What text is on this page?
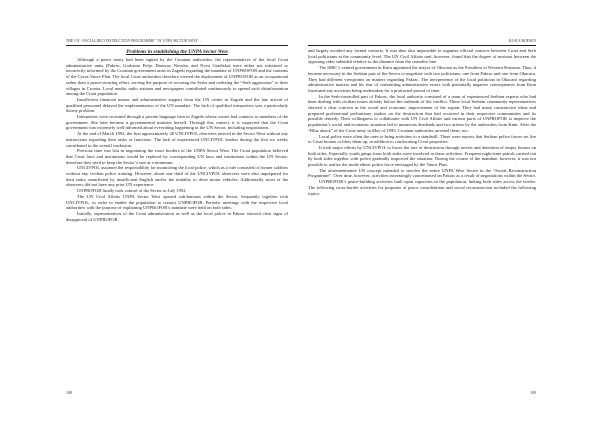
THE UN “SOCIAL RECONSTRUCTION PROGRAMME” IN UNPA SECTOR WEST …
Problems in establishing the UNPA Sector West

Although a peace treaty had been signed by the Croatian authorities, the representatives of the local Croat administrative units (Pakrac, Grubisno Polje, Daruvar, Novska, and Nova Gradiska) were either not informed or incorrectly informed by the Croatian government units in Zagreb regarding the mandate of UNPROFOR and the contents of the Cyrus Vance Plan. The local Croat authorities therefore viewed the deployment of UNPROFOR as an occupational rather than a peace-securing effort, serving the purpose of securing the Serbs and realizing the “Serb aggression” to their villages in Croatia. Local media, radio stations and newspapers contributed continuously to spread such disinformation among the Croat population.

Insufficient financial means and administrative support from the UN centre in Zagreb and the late arrival of qualified personnel delayed the implementation of the UN mandate. The lack of qualified interpreters was a particularly thorny problem.

Interpreters were recruited through a private language firm in Zagreb whose owner had contacts to members of the government. She later became a governmental minister herself. Through this contact, it is suspected that the Croat government was extremely well informed about everything happening in the UN Sector, including negotiations.

At the end of March 1992, the first approximately 40 UNCIVPOL observers arrived in the Sector West without any instructions regarding their tasks or functions. The lack of experienced UNCIVPOL leaders during the first six weeks contributed to the overall confusion.

Precious time was lost in negotiating the exact borders of the UNPA Sector West. The Croat population believed that Croat laws and institutions would be replaced by corresponding UN laws and institutions within the UN Sector; therefore they tried to keep the Sector’s size at a minimum.

UNCIVPOL assumed the responsibility for monitoring the local police, which as a rule consisted of former soldiers without any civilian police training. However, about one third of the UNCIVPOL observers were also unprepared for their tasks, manifested by insufficient English and/or the inability to drive motor vehicles. Additionally, most of the observers did not have any prior UN experience.

UNPROFOR finally took control of the Sector in July 1992.

The UN Civil Affairs UNPA Sector West opened sub-bureaus within the Sector, frequently together with UNCIVPOL, in order to enable the population to contact UNPROFOR. Periodic meetings with the respective local authorities with the purpose of explaining UNPROFOR’s mandate were held on both sides.

Initially, representatives of the Croat administration as well as the local police in Pakrac showed clear signs of disapproval of UNPROFOR

108
KLAUS BOESEN

and largely avoided any formal contacts. It was thus also impossible to organize official contacts between Croat and Serb local politicians at the community level. The UN Civil Affairs unit, however, found that the degree of mistrust between the opposing sides subsided relative to the distance from the ceasefire line.

The ISBC’s central government in Knin appointed the mayor of Okucani as the President of Western Slavonia. Thus, it became necessary in the Serbian part of the Sector to negotiate with two politicians, one from Pakrac and one from Okucani. They had different viewpoints on matters regarding Pakrac. The inexperience of the local politician in Okucani regarding administrative matters and his fear of committing administrative errors with potentially negative consequences from Knin frustrated any activities being undertaken for a protracted period of time.

In the Serb-controlled part of Pakrac, the local authority consisted of a team of experienced Serbian experts who had been dealing with civilian issues already before the outbreak of the conflict. These local Serbian community representatives showed a clear concern in the social and economic improvement of the region. They had many constructive ideas and prepared professional preliminary studies on the destruction that had occurred in their respective communities and its possible remedy. Their willingness to collaborate with UN Civil Affairs and various parts of UNPROFOR to improve the population’s social and economic situation led to numerous deadends and two arrests by the authorities from Knin. After the “Blitz attack” of the Croat army in May of 1995, Croatian authorities arrested them, too.

Local police were often the ones to bring activities to a standstill. There were reports that Serbian police forces set fire to Croat houses or blew them up, in addition to confiscating Croat properties.

It took major efforts by UNCIVPOL to lower the rate of destruction through arrests and detention of empty houses on both sides. Especially youth gangs from both sides were involved in these activities. Frequent night-time patrols carried out by both sides together with police gradually improved the situation. During the course of the mandate, however, it was not possible to realize the multi-ethnic police force envisaged by the Vance Plan.

The aforementioned UN concept intended to involve the entire UNPA West Sector in the “Social Reconstruction Programme”. Over time, however, activities increasingly concentrated on Pakrac as a result of negotiations within the Sector.

UNPROFOR’s peace-building activities built upon capacities in the population, linking both sides across the border. The following cross-border activities for purposes of peace consolidation and social reconstruction included the following topics:

109
